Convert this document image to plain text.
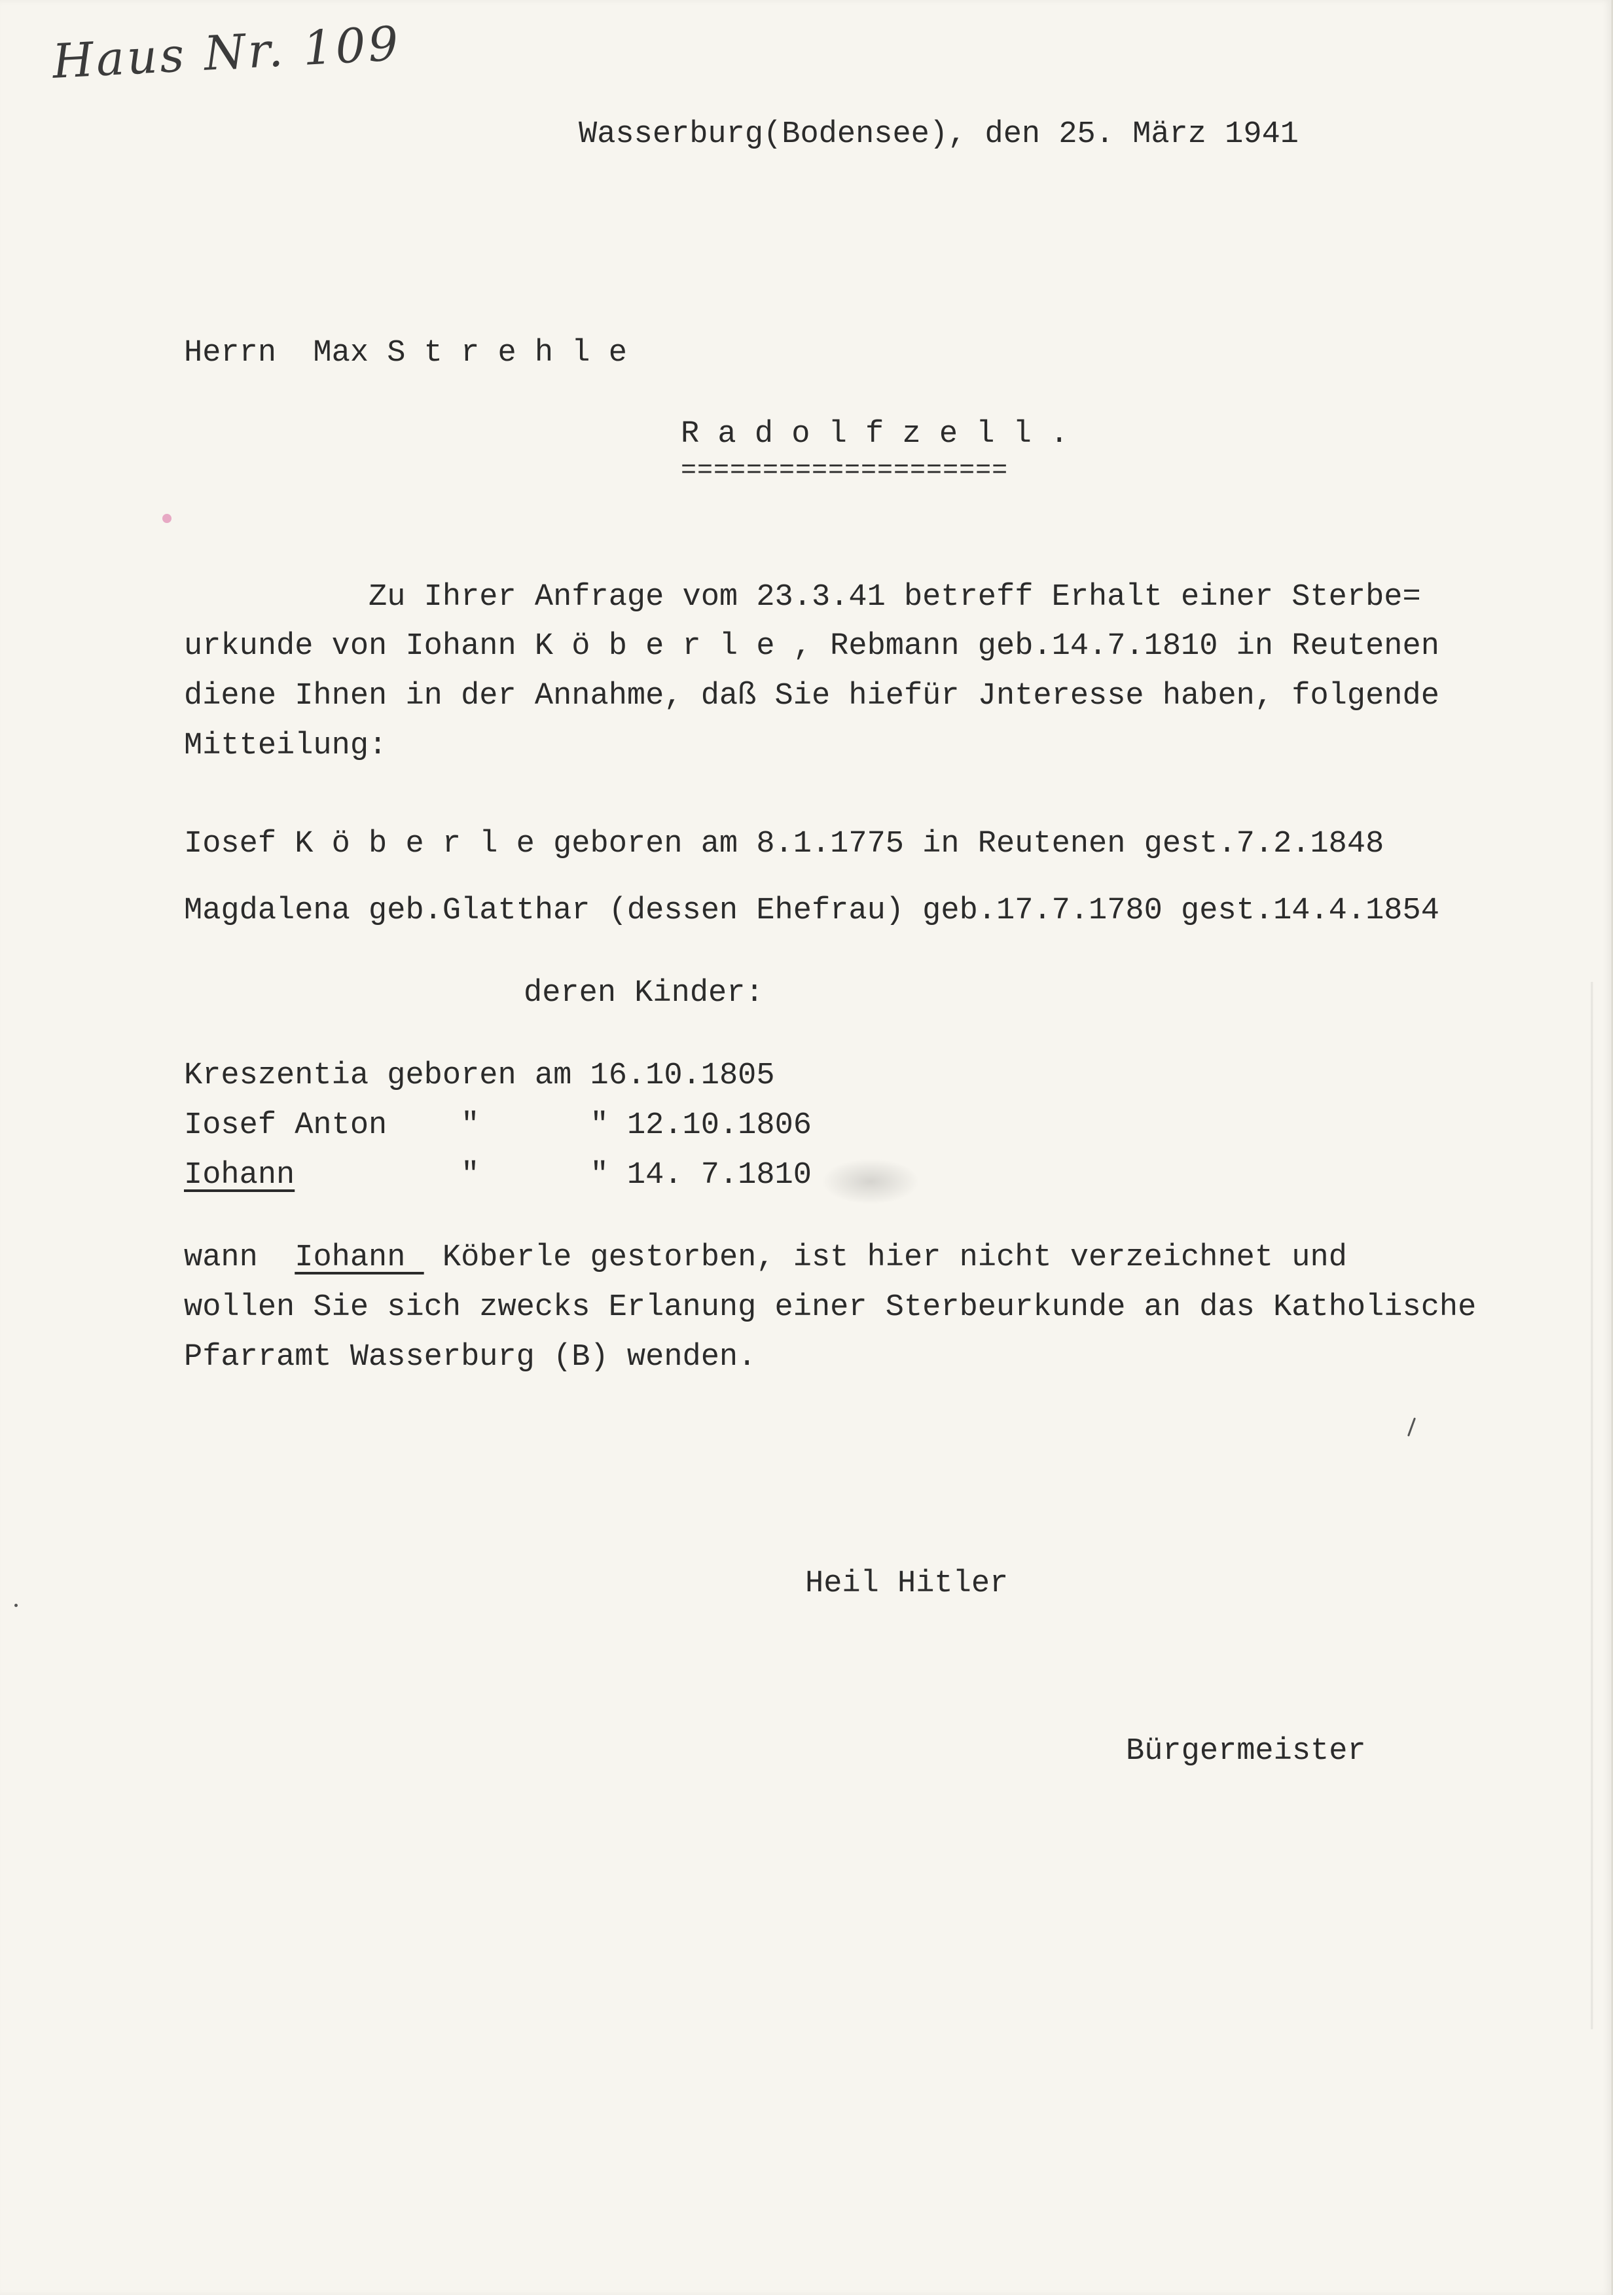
Haus Nr. 109
Wasserburg(Bodensee), den 25. März 1941
Herrn  Max S t r e h l e
R a d o l f z e l l .
====================
Zu Ihrer Anfrage vom 23.3.41 betreff Erhalt einer Sterbe=
urkunde von Iohann K ö b e r l e , Rebmann geb.14.7.1810 in Reutenen
diene Ihnen in der Annahme, daß Sie hiefür Jnteresse haben, folgende
Mitteilung:
Iosef K ö b e r l e geboren am 8.1.1775 in Reutenen gest.7.2.1848
Magdalena geb.Glatthar (dessen Ehefrau) geb.17.7.1780 gest.14.4.1854
deren Kinder:
Kreszentia geboren am 16.10.1805
Iosef Anton    "      " 12.10.1806
Iohann         "      " 14. 7.1810
wann  Iohann  Köberle gestorben, ist hier nicht verzeichnet und
wollen Sie sich zwecks Erlanung einer Sterbeurkunde an das Katholische
Pfarramt Wasserburg (B) wenden.
Heil Hitler
Bürgermeister
